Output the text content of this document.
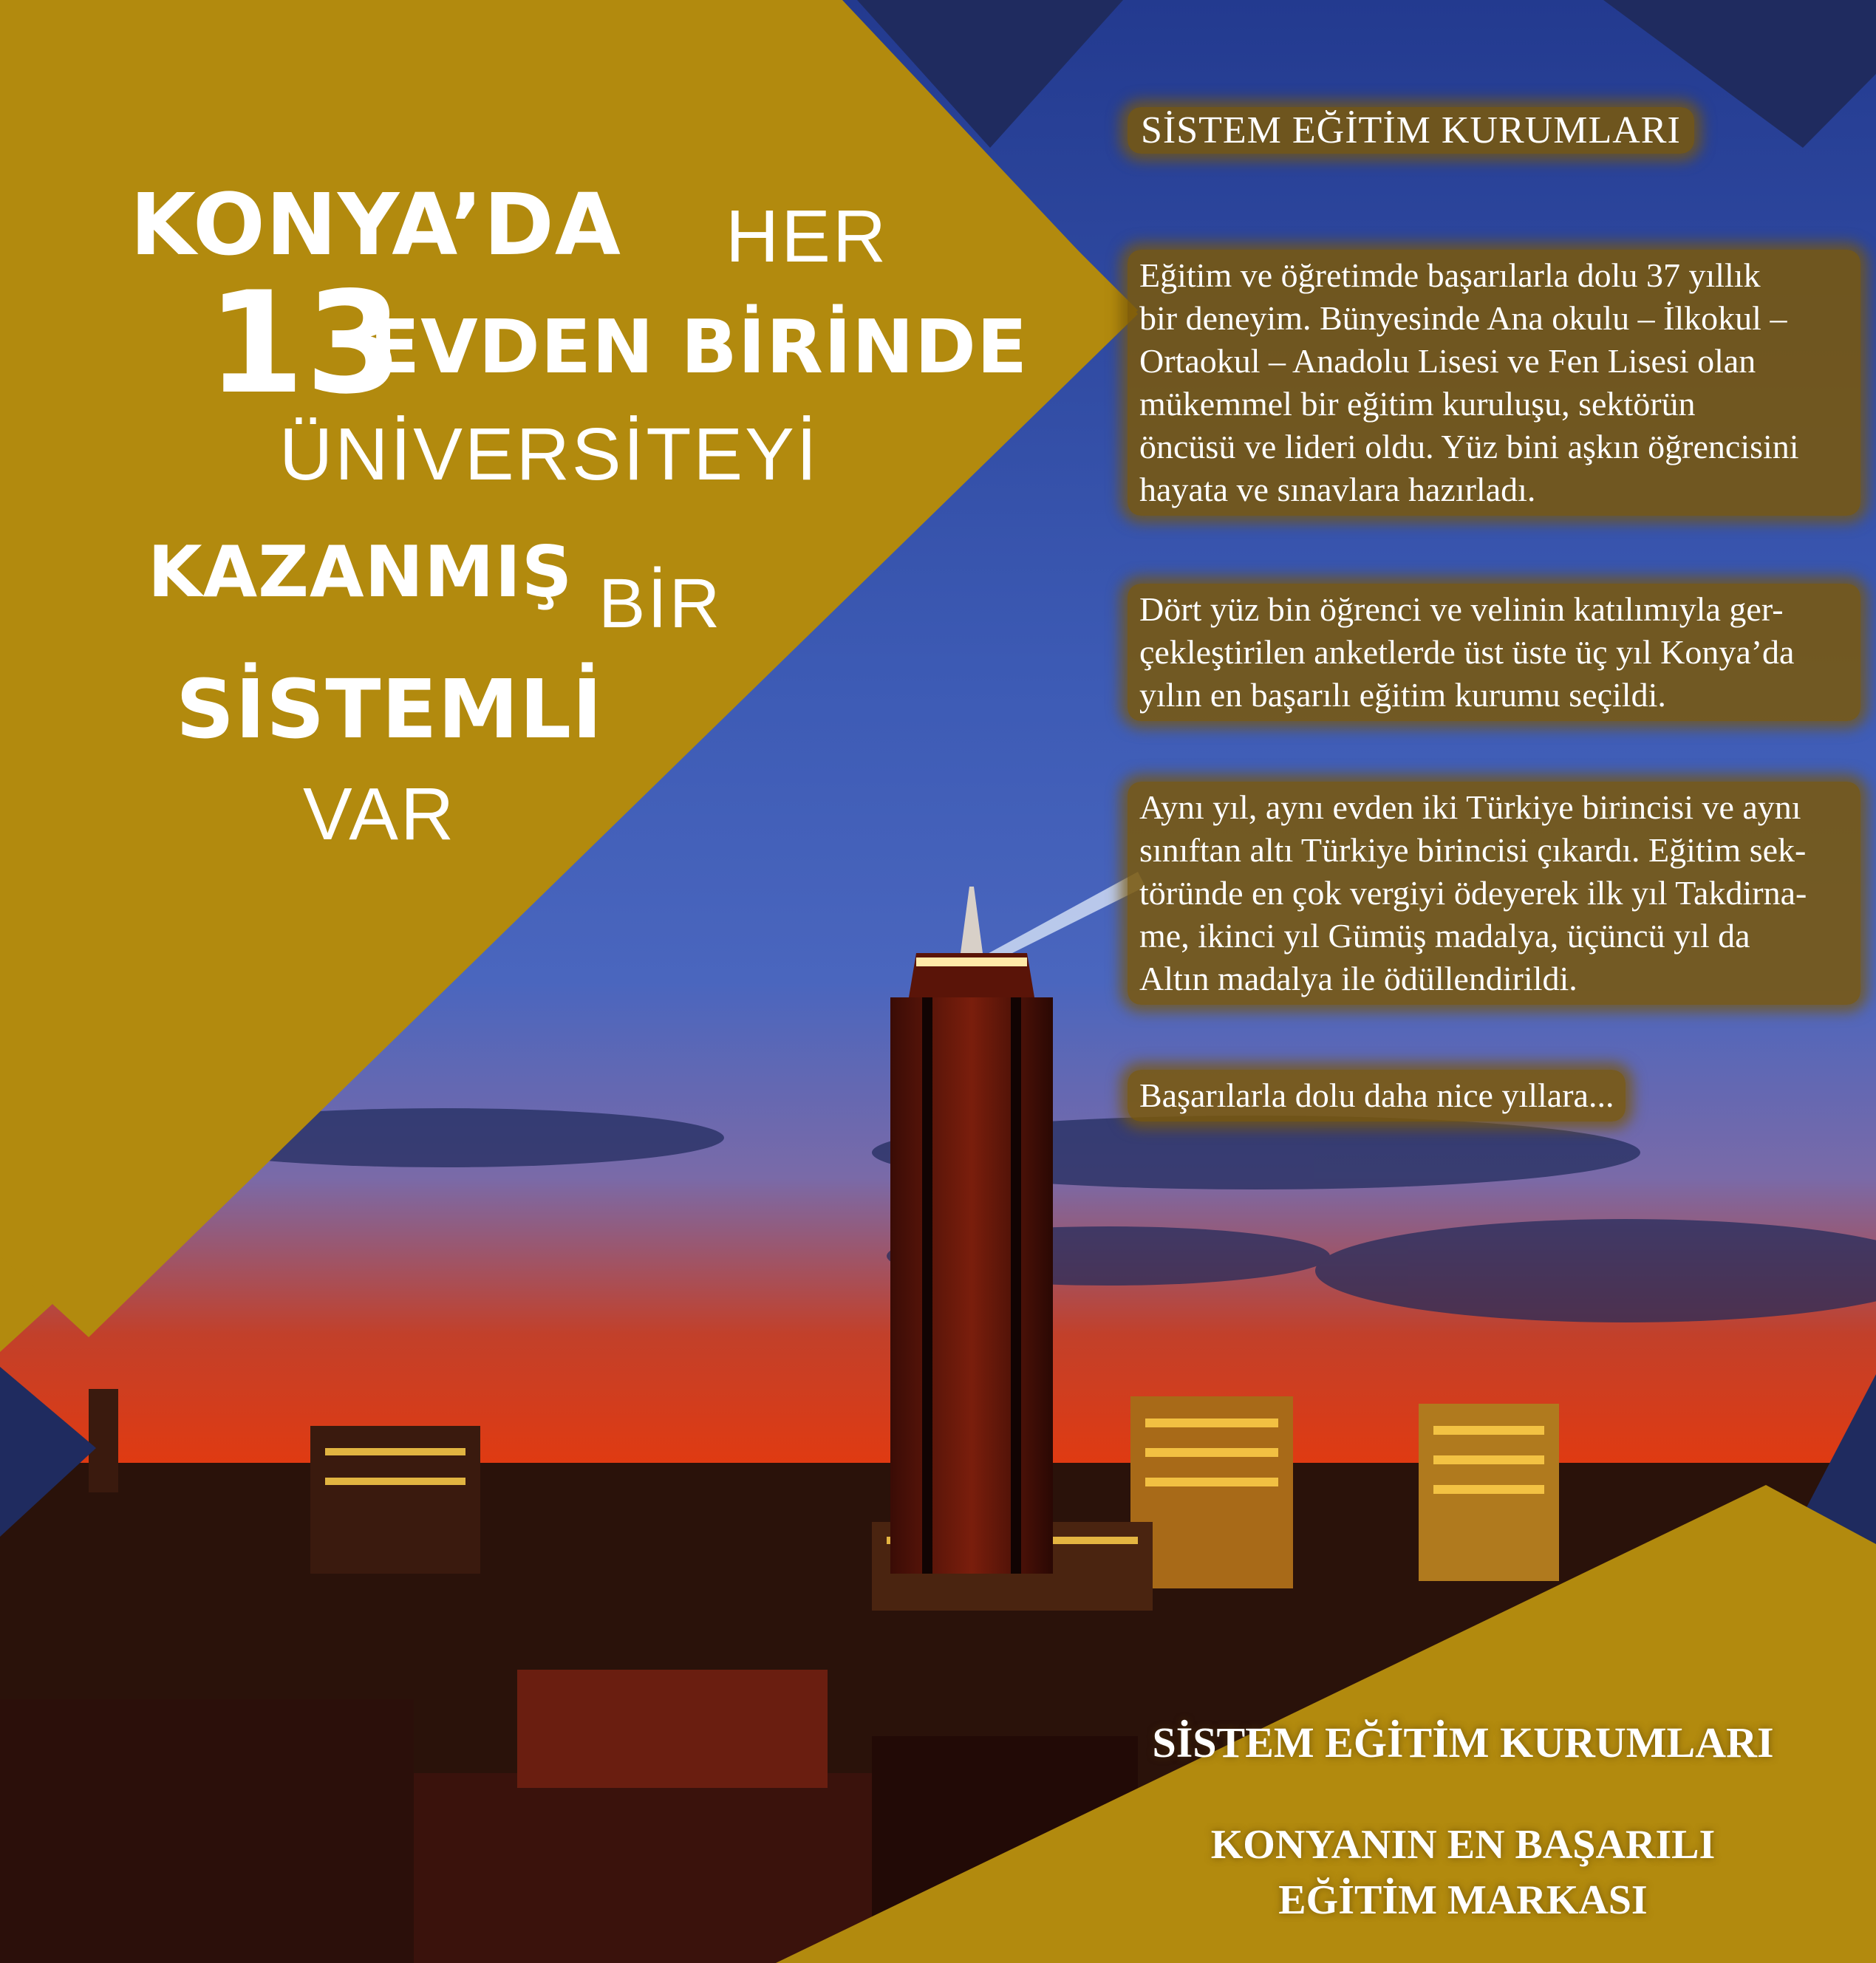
KONYA’DA HER
13
EVDEN BİRİNDE
ÜNİVERSİTEYİ
KAZANMIŞ BİR
SİSTEMLİ
VAR
SİSTEM EĞİTİM KURUMLARI

Eğitim ve öğretimde başarılarla dolu 37 yıllık

bir deneyim. Bünyesinde Ana okulu – İlkokul –

Ortaokul – Anadolu Lisesi ve Fen Lisesi olan

mükemmel bir eğitim kuruluşu, sektörün

öncüsü ve lideri oldu. Yüz bini aşkın öğrencisini

hayata ve sınavlara hazırladı.

Dört yüz bin öğrenci ve velinin katılımıyla ger-

çekleştirilen anketlerde üst üste üç yıl Konya’da

yılın en başarılı eğitim kurumu seçildi.

Aynı yıl, aynı evden iki Türkiye birincisi ve aynı

sınıftan altı Türkiye birincisi çıkardı. Eğitim sek-

töründe en çok vergiyi ödeyerek ilk yıl Takdirna-

me, ikinci yıl Gümüş madalya, üçüncü yıl da

Altın madalya ile ödüllendirildi.

Başarılarla dolu daha nice yıllara...

SİSTEM EĞİTİM KURUMLARI
KONYANIN EN BAŞARILI
EĞİTİM MARKASI
